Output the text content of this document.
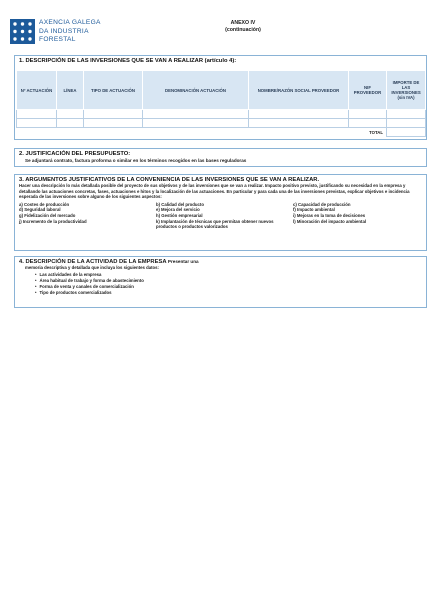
AXENCIA GALEGA
DA INDUSTRIA
FORESTAL
ANEXO IV
(continuación)
1. DESCRIPCIÓN DE LAS INVERSIONES QUE SE VAN A REALIZAR (artículo 4):
Nº ACTUACIÓN	LÍNEA	TIPO DE ACTUACIÓN	DENOMINACIÓN ACTUACIÓN	NOMBRE/RAZÓN SOCIAL PROVEEDOR	NIF PROVEEDOR	IMPORTE DE LAS INVERSIONES (sin IVA)

TOTAL						

2. JUSTIFICACIÓN DEL PRESUPUESTO:
Se adjuntará contrato, factura proforma o similar en los términos recogidos en las bases reguladoras
3. ARGUMENTOS JUSTIFICATIVOS DE LA CONVENIENCIA DE LAS INVERSIONES QUE SE VAN A REALIZAR.
Hacer una descripción lo más detallada posible del proyecto de sus objetivos y de las inversiones que se van a realizar. Impacto positivo previsto, justificando su necesidad en la empresa y detallando las actuaciones concretas, fases, actuaciones e hitos y la localización de las actuaciones. En particular y para cada una de las inversiones previstas, explicar objetivos e incidencia esperada de las inversiones sobre alguno de los siguientes aspectos:
a) Costes de producción	b) Calidad del producto	c) Capacidad de producción
d) Seguridad laboral	e) Mejora del servicio	f) Impacto ambiental
g) Fidelización del mercado	h) Gestión empresarial	i) Mejoras en la toma de decisiones
j) Incremento de la productividad	k) Implantación de técnicas que permitan obtener nuevos productos o productos valorizados
l) Minoración del impacto ambiental
4. DESCRIPCIÓN DE LA ACTIVIDAD DE LA EMPRESA Presentar una
memoria descriptiva y detallada que incluya los siguientes datos:
• Las actividades de la empresa
• Área habitual de trabajo y forma de abastecimiento
• Forma de venta y canales de comercialización
• Tipo de productos comercializados
